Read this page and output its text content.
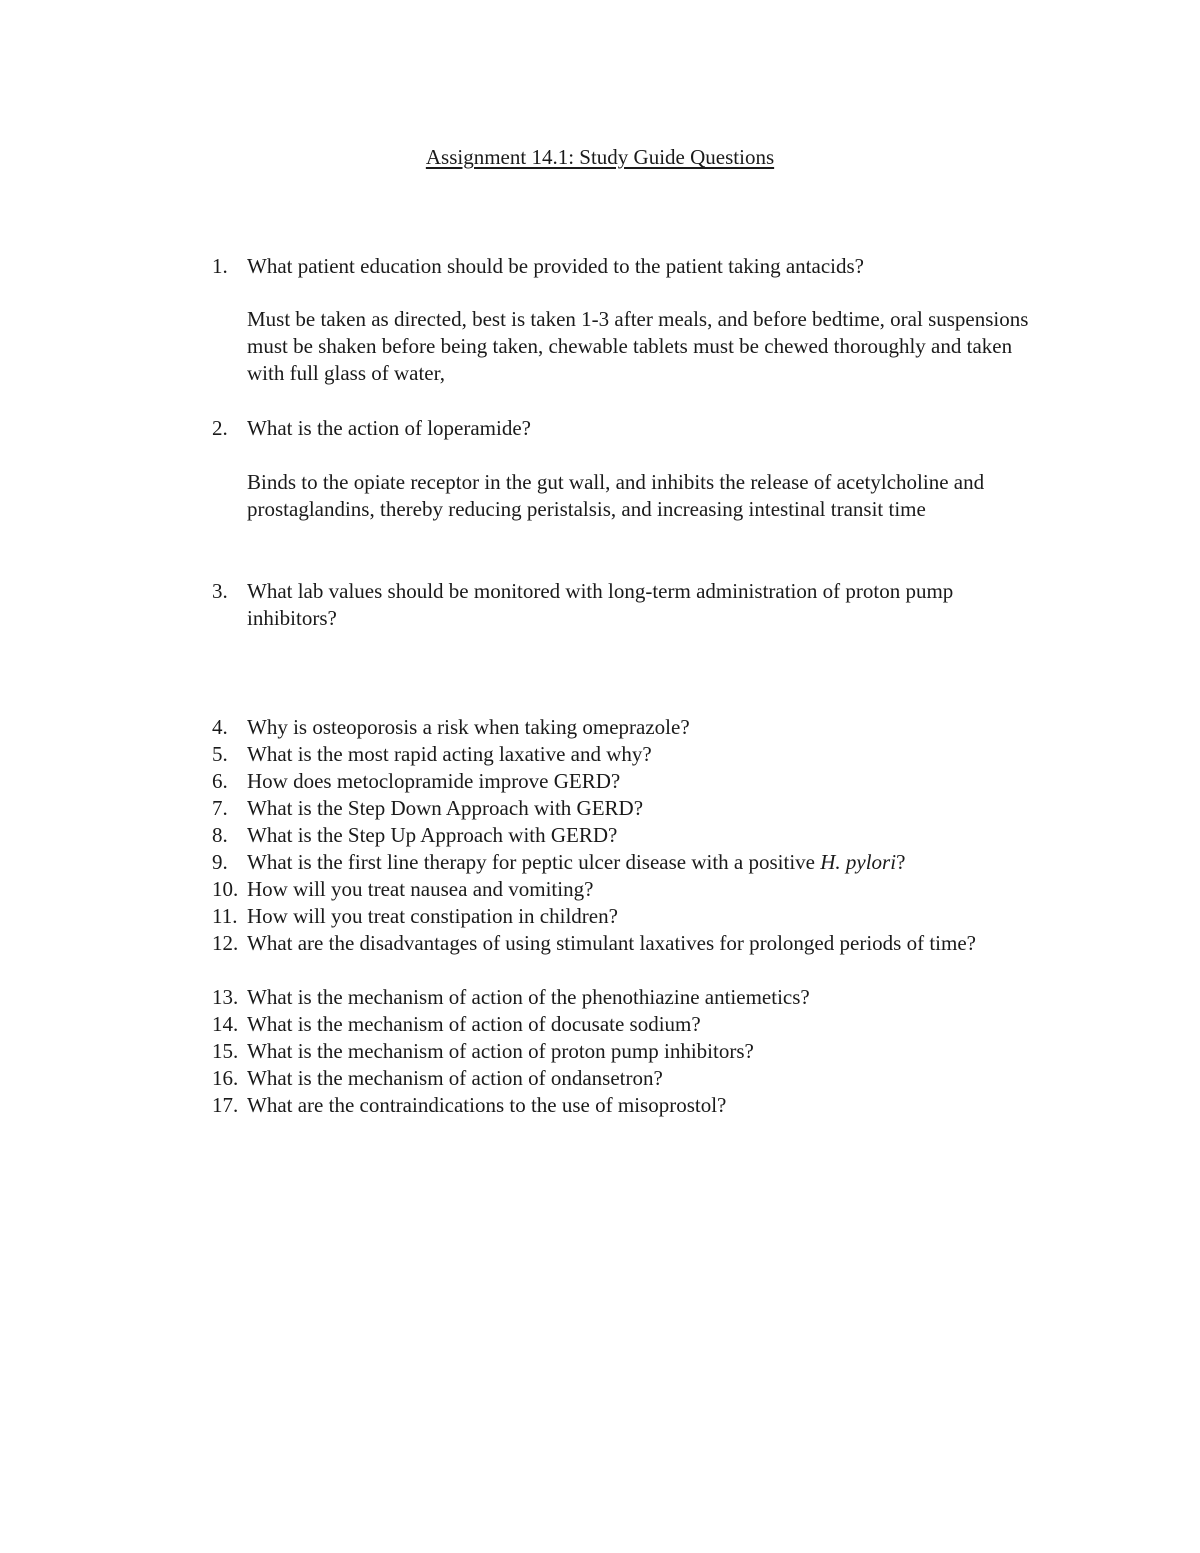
Assignment 14.1: Study Guide Questions
1. What patient education should be provided to the patient taking antacids?
Must be taken as directed, best is taken 1-3 after meals, and before bedtime, oral suspensions must be shaken before being taken, chewable tablets must be chewed thoroughly and taken with full glass of water,
2. What is the action of loperamide?
Binds to the opiate receptor in the gut wall, and inhibits the release of acetylcholine and prostaglandins, thereby reducing peristalsis, and increasing intestinal transit time
3. What lab values should be monitored with long-term administration of proton pump inhibitors?
4. Why is osteoporosis a risk when taking omeprazole?
5. What is the most rapid acting laxative and why?
6. How does metoclopramide improve GERD?
7. What is the Step Down Approach with GERD?
8. What is the Step Up Approach with GERD?
9. What is the first line therapy for peptic ulcer disease with a positive H. pylori?
10. How will you treat nausea and vomiting?
11. How will you treat constipation in children?
12. What are the disadvantages of using stimulant laxatives for prolonged periods of time?
13. What is the mechanism of action of the phenothiazine antiemetics?
14. What is the mechanism of action of docusate sodium?
15. What is the mechanism of action of proton pump inhibitors?
16. What is the mechanism of action of ondansetron?
17. What are the contraindications to the use of misoprostol?
